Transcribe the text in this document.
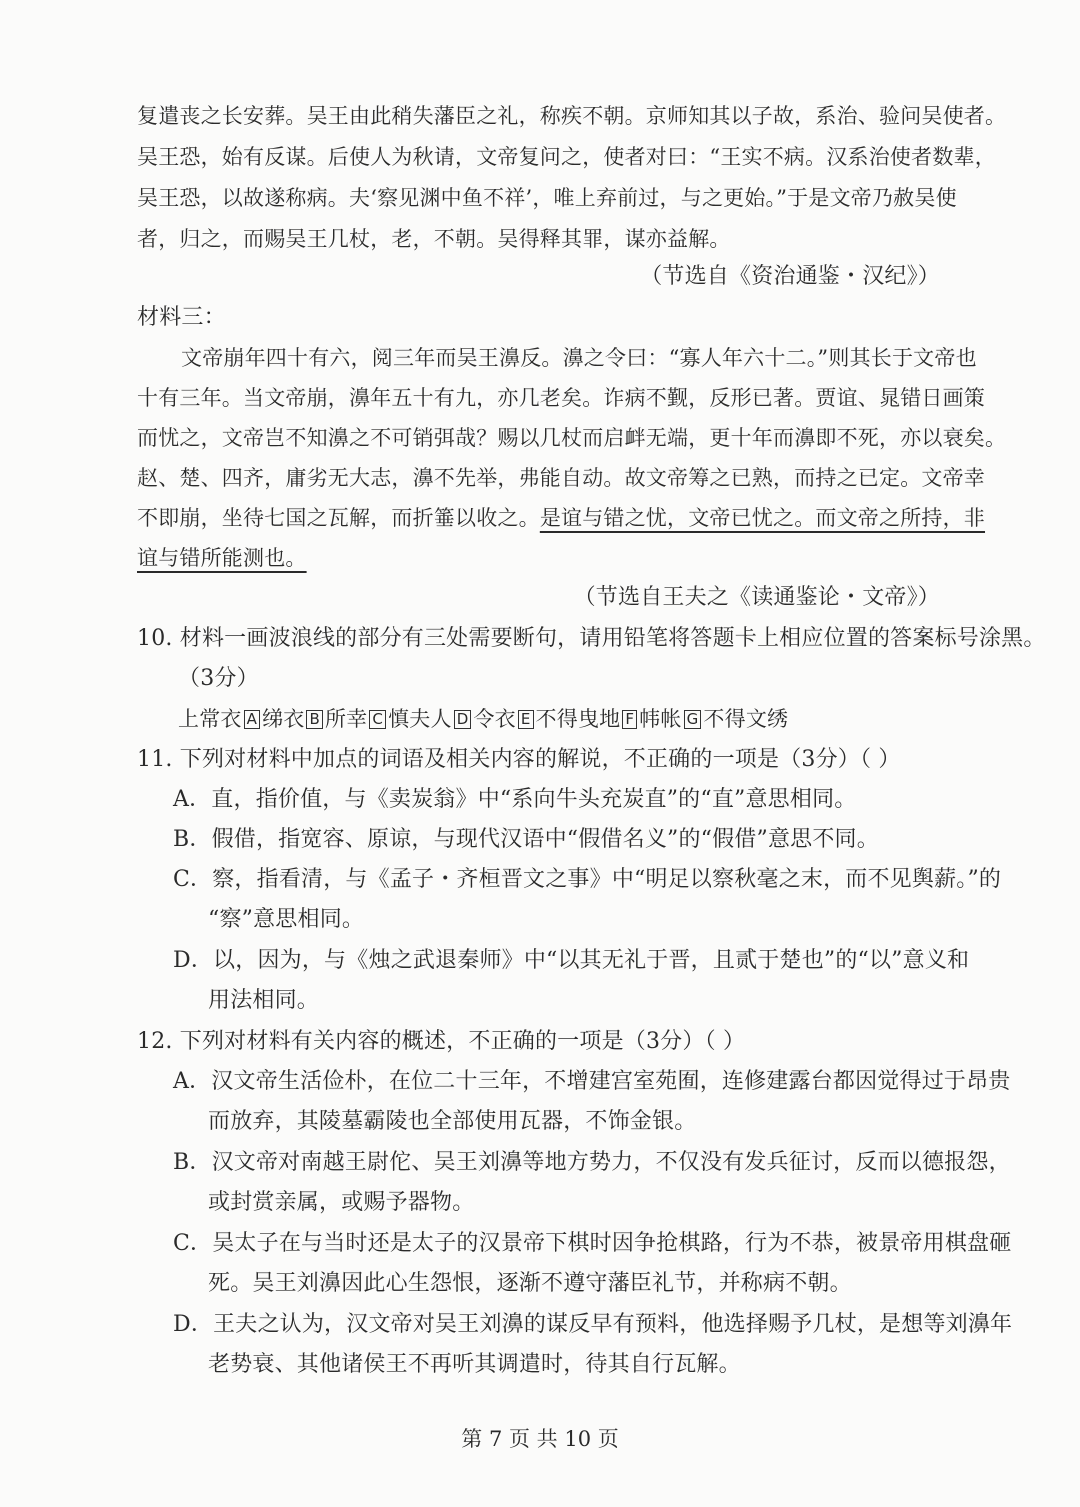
复遣丧之长安葬。吴王由此稍失藩臣之礼，称疾不朝。京师知其以子故，系治、验问吴使者。
吴王恐，始有反谋。后使人为秋请，文帝复问之，使者对曰：“王实不病。汉系治使者数辈，
吴王恐，以故遂称病。夫‘察见渊中鱼不祥’，唯上弃前过，与之更始。”于是文帝乃赦吴使
者，归之，而赐吴王几杖，老，不朝。吴得释其罪，谋亦益解。
（节选自《资治通鉴・汉纪》）
材料三：
文帝崩年四十有六，阅三年而吴王濞反。濞之令曰：“寡人年六十二。”则其长于文帝也
十有三年。当文帝崩，濞年五十有九，亦几老矣。诈病不觐，反形已著。贾谊、晁错日画策
而忧之，文帝岂不知濞之不可销弭哉？赐以几杖而启衅无端，更十年而濞即不死，亦以衰矣。
赵、楚、四齐，庸劣无大志，濞不先举，弗能自动。故文帝筹之已熟，而持之已定。文帝幸
不即崩，坐待七国之瓦解，而折箠以收之。是谊与错之忧，文帝已忧之。而文帝之所持，非
谊与错所能测也。
（节选自王夫之《读通鉴论・文帝》）
10. 材料一画波浪线的部分有三处需要断句，请用铅笔将答题卡上相应位置的答案标号涂黑。
（3分）
上常衣 A 绨衣 B 所幸 C 慎夫人 D 令衣 E 不得曳地 F 帏帐 G 不得文绣
11. 下列对材料中加点的词语及相关内容的解说，不正确的一项是（3分）（ ）
A．直，指价值，与《卖炭翁》中“系向牛头充炭直”的“直”意思相同。
B．假借，指宽容、原谅，与现代汉语中“假借名义”的“假借”意思不同。
C．察，指看清，与《孟子・齐桓晋文之事》中“明足以察秋毫之末，而不见舆薪。”的
“察”意思相同。
D．以，因为，与《烛之武退秦师》中“以其无礼于晋，且贰于楚也”的“以”意义和
用法相同。
12. 下列对材料有关内容的概述，不正确的一项是（3分）（ ）
A．汉文帝生活俭朴，在位二十三年，不增建宫室苑囿，连修建露台都因觉得过于昂贵
而放弃，其陵墓霸陵也全部使用瓦器，不饰金银。
B．汉文帝对南越王尉佗、吴王刘濞等地方势力，不仅没有发兵征讨，反而以德报怨，
或封赏亲属，或赐予器物。
C．吴太子在与当时还是太子的汉景帝下棋时因争抢棋路，行为不恭，被景帝用棋盘砸
死。吴王刘濞因此心生怨恨，逐渐不遵守藩臣礼节，并称病不朝。
D．王夫之认为，汉文帝对吴王刘濞的谋反早有预料，他选择赐予几杖，是想等刘濞年
老势衰、其他诸侯王不再听其调遣时，待其自行瓦解。
第 7 页 共 10 页
